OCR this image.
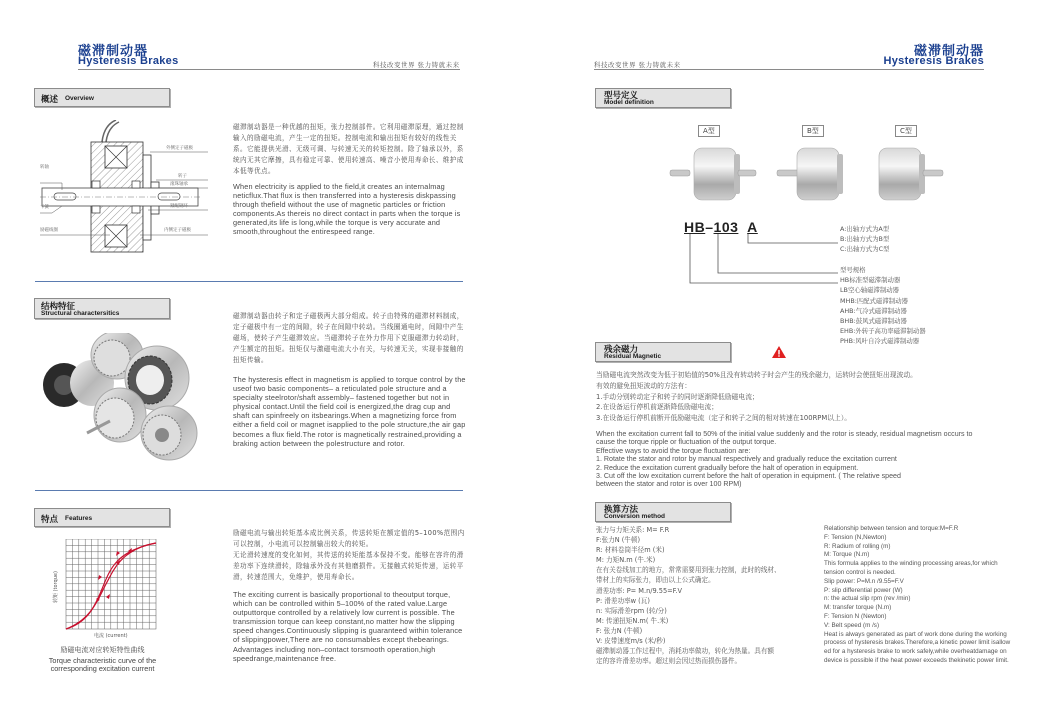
磁滞制动器
Hysteresis Brakes	科技改变世界 张力铸就未来
概述 Overview
转轴
卡簧
励磁线圈
外侧定子磁极
转子
滚珠轴承
紧配钢环
内侧定子磁极
磁滞制动器是一种优越的扭矩，张力控制部件。它利用磁滞原理，通过控制输入的励磁电流，产生一定的扭矩。控制电流和输出扭矩有较好的线性关系。它能提供光滑、无级可调、与转速无关的转矩控制。除了轴承以外，系统内无其它摩擦，具有稳定可靠、使用转速高、噪音小使用寿命长、维护成本低等优点。
When electricity is applied to the field,it creates an internalmag neticflux.That flux is then transferred into a hysteresis diskpassing through thefield without the use of magnetic particles or friction components.As thereis no direct contact in parts when the torque is generated,its life is long,while the torque is very accurate and smooth,throughout the entirespeed range.
结构特征
Structural charactersitics	磁滞制动器由转子和定子磁极两大部分组成。转子由特殊的磁滞材料制成，定子磁极中有一定的间隙，转子在间隙中转动。当线圈通电时，间隙中产生磁场，使转子产生磁滞效应。当磁滞转子在外力作用下克服磁滞力转动时，产生额定的扭矩。扭矩仅与激磁电流大小有关，与转速无关，实现非接触的扭矩传输。
The hysteresis effect in magnetism is applied to torque control by the useof two basic components– a reticulated pole structure and a specialty steelrotor/shaft assembly– fastened together but not in physical contact.Until the field coil is energized,the drag cup and shaft can spinfreely on itsbearings.When a magnetizing force from either a field coil or magnet isapplied to the pole structure,the air gap becomes a flux field.The rotor is magnetically restrained,providing a braking action between the polestructure and rotor.
特点 Features
转矩 (torque)
电流 (current)
励磁电流对应转矩特性曲线
Torque characteristic curve of the
corresponding excitation current
励磁电流与输出转矩基本成比例关系，传送转矩在额定值的5–100%范围内可以控制，小电流可以控制输出较大的转矩。
无论滑转速度的变化如何，其传送的转矩能基本保持不变。能够在容许的滑差功率下连续滑转，除轴承外没有其他磨损件。无接触式转矩传递，运转平滑，转速范围大，免维护，使用寿命长。
The exciting current is basically proportional to theoutput torque, which can be controlled within 5–100% of the rated value.Large outputtorque controlled by a relatively low current is possible. The transmission torque can keep constant,no matter how the slipping speed changes.Continuously slipping is guaranteed within tolerance of slippingpower,There are no consumables except thebearings.
Advantages including non–contact torsmooth operation,high speedrange,maintenance free.
科技改变世界 张力铸就未来
磁滞制动器
Hysteresis Brakes
型号定义
Model definition
A型	B型	C型
HB–103 A	A:出轴方式为A型
B:出轴方式为B型
C:出轴方式为C型
型号规格
HB标准型磁滞制动器
LB空心轴磁滞制动器
MHB:匹配式磁滞制动器
AHB:气冷式磁滞制动器
BHB:鼓风式磁滞制动器
EHB:外转子高功率磁滞制动器
PHB:风叶自冷式磁滞制动器
残余磁力
Residual Magnetic
当励磁电流突然改变为低于初始值的50%且没有转动转子时会产生的残余磁力，运转时会使扭矩出现波动。
有效的避免扭矩波动的方法有：
1.手动分别转动定子和转子的同时逐渐降低励磁电流；
2.在设备运行停机前逐渐降低励磁电流；
3.在设备运行停机前断开低励磁电流（定子和转子之间的相对转速在100RPM以上）。
When the excitation current fall to 50% of the initial value suddenly and the rotor is steady, residual magnetism occurs to
cause the torque ripple or fluctuation of the output torque.
Effective ways to avoid the torque fluctuation are:
1. Rotate the stator and rotor by manual respectively and gradually reduce the excitation current
2. Reduce the excitation current gradually before the halt of operation in equipment.
3. Cut off the low excitation current before the halt of operation in equipment. ( The relative speed
between the stator and rotor is over 100 RPM)
换算方法
Conversion method
张力与力矩关系: M= F.R
F:张力N (牛顿)
R: 材料卷筒半径m (米)
M: 力矩N.m (牛.米)
在有关卷线加工的地方，常常需要用到张力控制，此时的线材、
带材上的实际张力，即由以上公式确定。
滑差功率: P= M.n/9.55=F.V
P: 滑差功率w (瓦)
n: 实际滑差rpm (转/分)
M: 传递扭矩N.m( 牛.米)
F: 张力N (牛顿)
V: 皮带速度m/s (米/秒)
磁滞制动器工作过程中，消耗功率做功，转化为热量。具有额
定的容许滑差功率。超过则会因过热而损伤器件。
Relationship between tension and torque:M=F.R
F: Tension (N,Newton)
R: Radium of rolling (m)
M: Torque (N.m)
This formula applies to the winding processing areas,for which
tension control is needed.
Slip power: P=M.n /9.55=F.V
P: slip differential power (W)
n: the actual slip rpm (rev /min)
M: transfer torque (N.m)
F: Tension N (Newton)
V: Belt speed (m /s)
Heat is always generated as part of work done during the working
process of hysteresis brakes.Therefore,a kinetic power limit isallow
ed for a hysteresis brake to work safely,while overheatdamage on
device is possible if the heat power exceeds thekinetic power limit.
